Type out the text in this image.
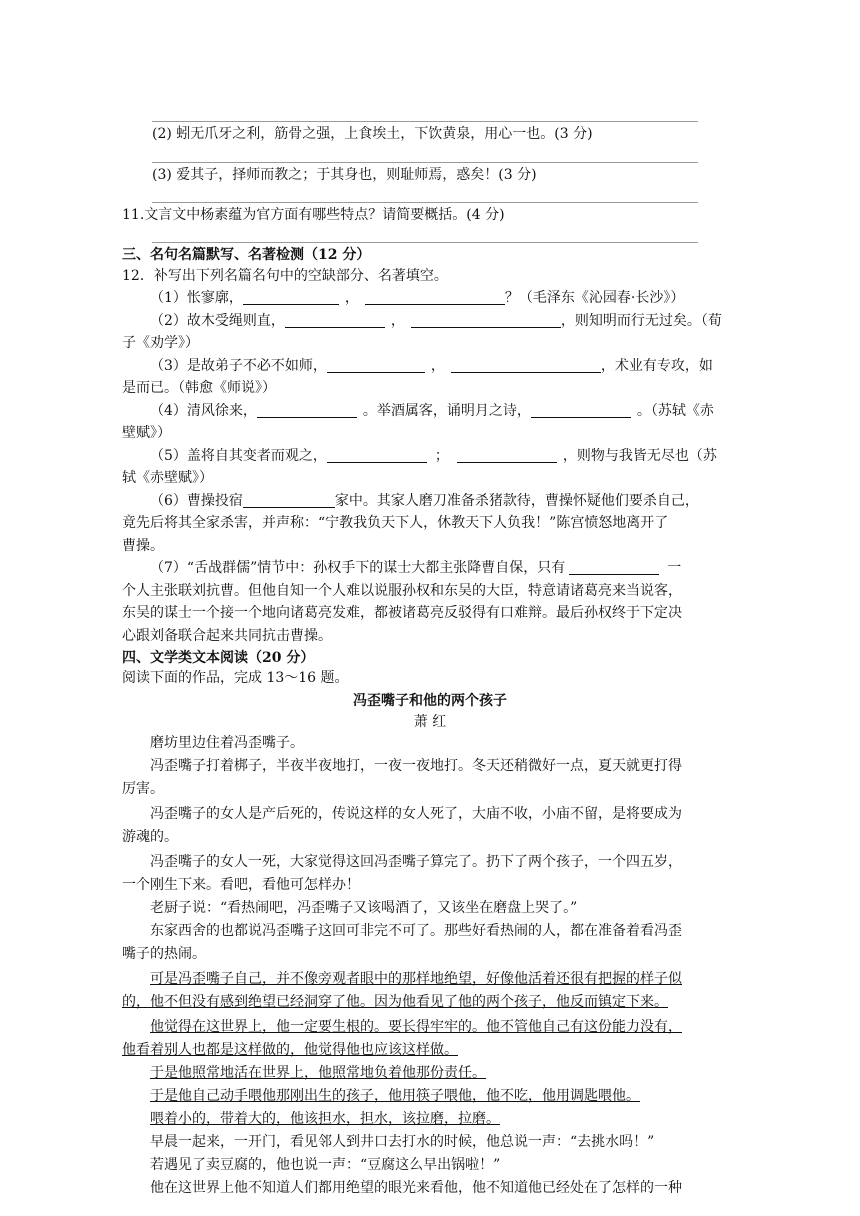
(2) 蚓无爪牙之利，筋骨之强，上食埃土，下饮黄泉，用心一也。(3 分)
(3) 爱其子，择师而教之；于其身也，则耻师焉，惑矣！(3 分)
11.文言文中杨素蕴为官方面有哪些特点？请简要概括。(4 分)
三、名句名篇默写、名著检测（12 分）
12．补写出下列名篇名句中的空缺部分、名著填空。
（1）怅寥廓，	，	？（毛泽东《沁园春·长沙》）
（2）故木受绳则直，	，	，则知明而行无过矣。（荀
子《劝学》）
（3）是故弟子不必不如师，	，	，术业有专攻，如
是而已。（韩愈《师说》）
（4）清风徐来，	。举酒属客，诵明月之诗，	。（苏轼《赤
壁赋》）
（5）盖将自其变者而观之，	；	，则物与我皆无尽也（苏
轼《赤壁赋》）
（6）曹操投宿	家中。其家人磨刀准备杀猪款待，曹操怀疑他们要杀自己，
竟先后将其全家杀害，并声称：“宁教我负天下人，休教天下人负我！”陈宫愤怒地离开了
曹操。
（7）“舌战群儒”情节中：孙权手下的谋士大都主张降曹自保，只有	一
个人主张联刘抗曹。但他自知一个人难以说服孙权和东吴的大臣，特意请诸葛亮来当说客，
东吴的谋士一个接一个地向诸葛亮发难，都被诸葛亮反驳得有口难辩。最后孙权终于下定决
心跟刘备联合起来共同抗击曹操。
四、文学类文本阅读（20 分）
阅读下面的作品，完成 13～16 题。
冯歪嘴子和他的两个孩子
萧 红
磨坊里边住着冯歪嘴子。
冯歪嘴子打着梆子，半夜半夜地打，一夜一夜地打。冬天还稍微好一点，夏天就更打得
厉害。
冯歪嘴子的女人是产后死的，传说这样的女人死了，大庙不收，小庙不留，是将要成为
游魂的。
冯歪嘴子的女人一死，大家觉得这回冯歪嘴子算完了。扔下了两个孩子，一个四五岁，
一个刚生下来。看吧，看他可怎样办！
老厨子说：“看热闹吧，冯歪嘴子又该喝酒了，又该坐在磨盘上哭了。”
东家西舍的也都说冯歪嘴子这回可非完不可了。那些好看热闹的人，都在准备着看冯歪
嘴子的热闹。
可是冯歪嘴子自己，并不像旁观者眼中的那样地绝望，好像他活着还很有把握的样子似
的，他不但没有感到绝望已经洞穿了他。因为他看见了他的两个孩子，他反而镇定下来。
他觉得在这世界上，他一定要生根的。要长得牢牢的。他不管他自己有这份能力没有，
他看着别人也都是这样做的，他觉得他也应该这样做。
于是他照常地活在世界上，他照常地负着他那份责任。
于是他自己动手喂他那刚出生的孩子，他用筷子喂他，他不吃，他用调匙喂他。
喂着小的，带着大的，他该担水，担水，该拉磨，拉磨。
早晨一起来，一开门，看见邻人到井口去打水的时候，他总说一声：“去挑水吗！”
若遇见了卖豆腐的，他也说一声：“豆腐这么早出锅啦！”
他在这世界上他不知道人们都用绝望的眼光来看他，他不知道他已经处在了怎样的一种
